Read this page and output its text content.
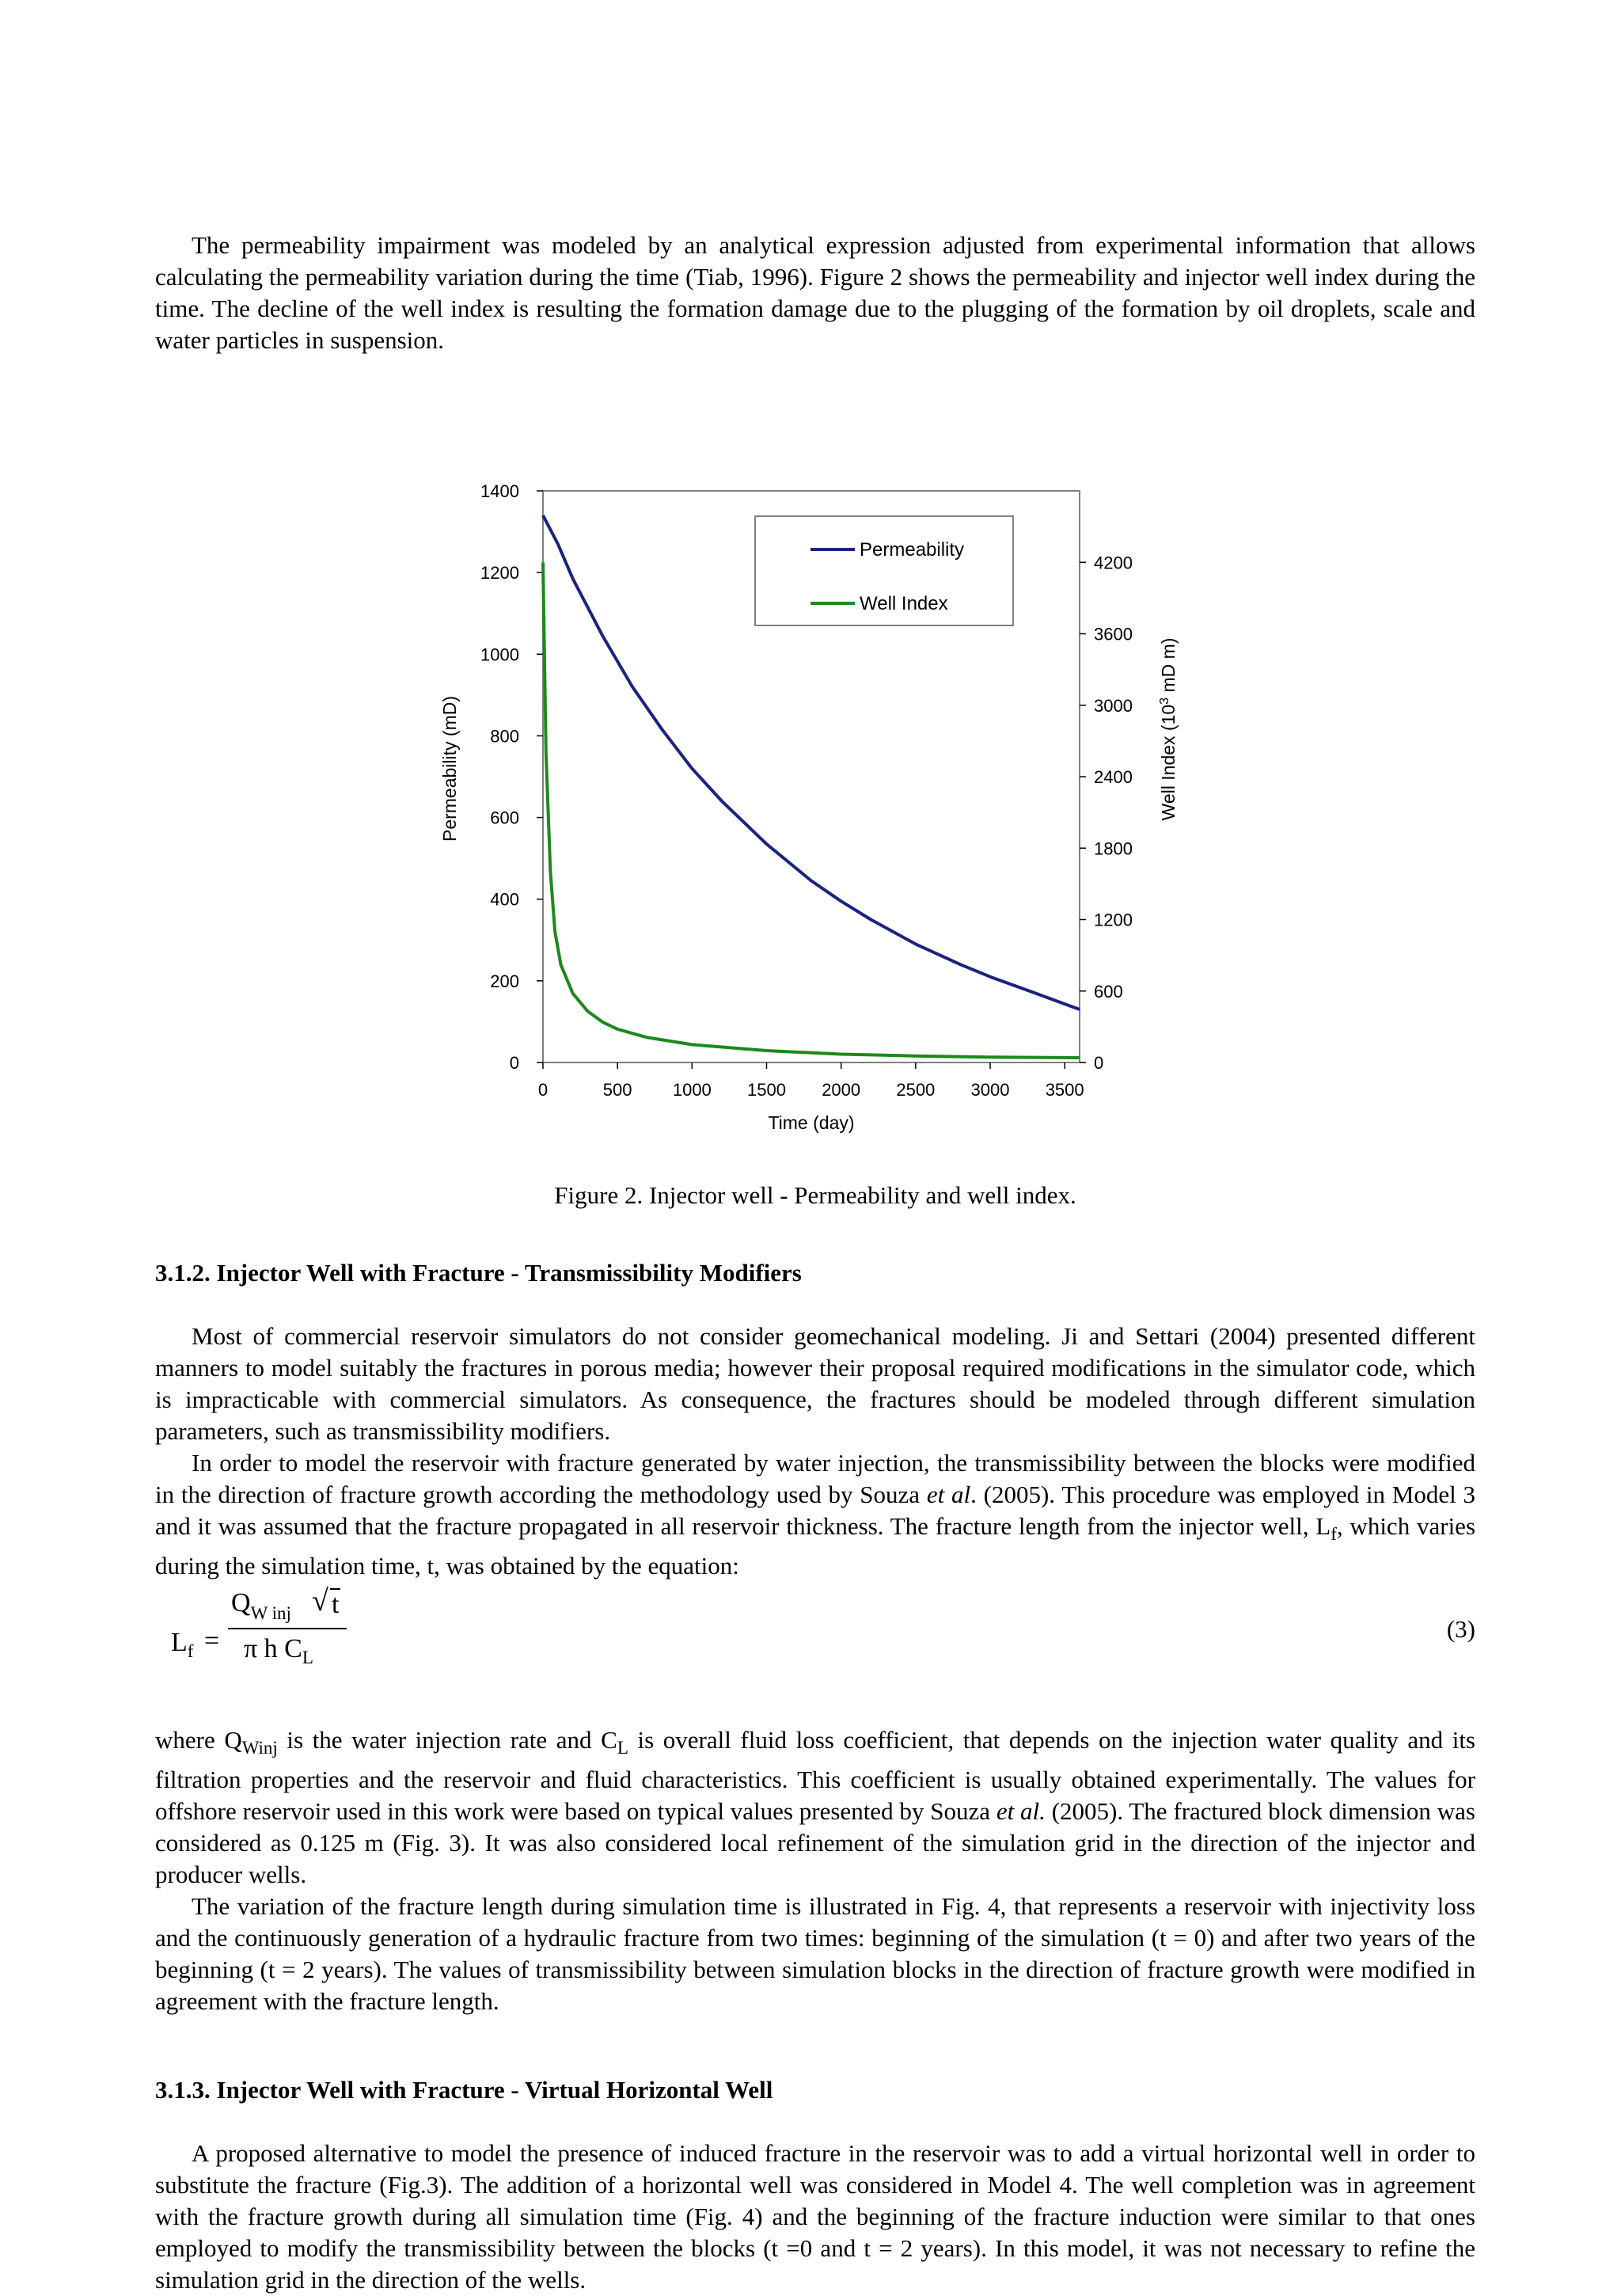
The permeability impairment was modeled by an analytical expression adjusted from experimental information that allows calculating the permeability variation during the time (Tiab, 1996). Figure 2 shows the permeability and injector well index during the time. The decline of the well index is resulting the formation damage due to the plugging of the formation by oil droplets, scale and water particles in suspension.

0
200
400
600
800
1000
1200
1400
0
600
1200
1800
2400
3000
3600
4200
0	500 1000 1500 2000 2500 3000 3500
Time (day)
Permeability (mD)	Well Index ($10^3$ mD m)
Permeability
Well Index
Figure 2. Injector well - Permeability and well index.
3.1.2. Injector Well with Fracture - Transmissibility Modifiers

Most of commercial reservoir simulators do not consider geomechanical modeling. Ji and Settari (2004) presented different manners to model suitably the fractures in porous media; however their proposal required modifications in the simulator code, which is impracticable with commercial simulators. As consequence, the fractures should be modeled through different simulation parameters, such as transmissibility modifiers.

In order to model the reservoir with fracture generated by water injection, the transmissibility between the blocks were modified in the direction of fracture growth according the methodology used by Souza et al. (2005). This procedure was employed in Model 3 and it was assumed that the fracture propagated in all reservoir thickness. The fracture length from the injector well, $L_f$, which varies during the simulation time, t, was obtained by the equation:

$L_f$ =
$Q_{W inj}$ √ t
π h $C_L$
(3)

where $Q_{Winj}$ is the water injection rate and $C_L$ is overall fluid loss coefficient, that depends on the injection water quality and its filtration properties and the reservoir and fluid characteristics. This coefficient is usually obtained experimentally. The values for offshore reservoir used in this work were based on typical values presented by Souza et al. (2005). The fractured block dimension was considered as 0.125 m (Fig. 3). It was also considered local refinement of the simulation grid in the direction of the injector and producer wells.

The variation of the fracture length during simulation time is illustrated in Fig. 4, that represents a reservoir with injectivity loss and the continuously generation of a hydraulic fracture from two times: beginning of the simulation (t = 0) and after two years of the beginning (t = 2 years). The values of transmissibility between simulation blocks in the direction of fracture growth were modified in agreement with the fracture length.

3.1.3. Injector Well with Fracture - Virtual Horizontal Well

A proposed alternative to model the presence of induced fracture in the reservoir was to add a virtual horizontal well in order to substitute the fracture (Fig.3). The addition of a horizontal well was considered in Model 4. The well completion was in agreement with the fracture growth during all simulation time (Fig. 4) and the beginning of the fracture induction were similar to that ones employed to modify the transmissibility between the blocks (t =0 and t = 2 years). In this model, it was not necessary to refine the simulation grid in the direction of the wells.
